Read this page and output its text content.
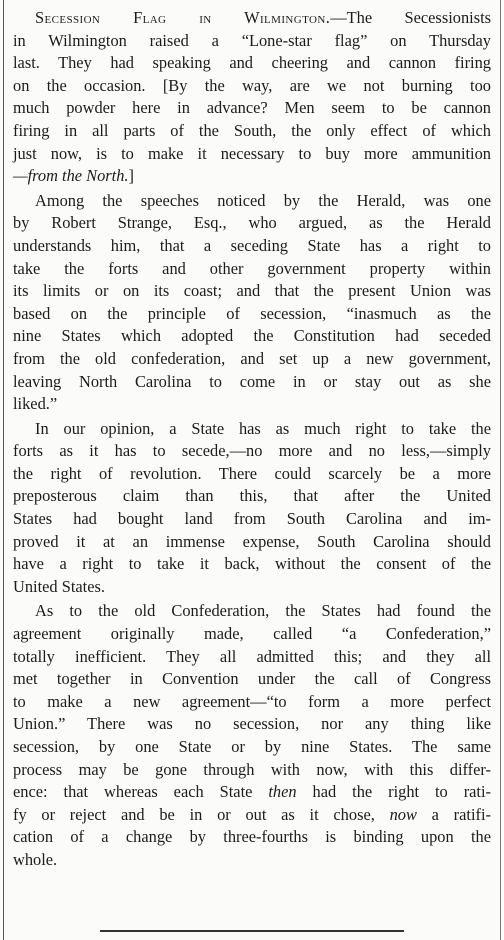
Secession Flag in Wilmington.—The Secessionists
in Wilmington raised a “Lone-star flag” on Thursday
last. They had speaking and cheering and cannon firing
on the occasion. [By the way, are we not burning too
much powder here in advance? Men seem to be cannon
firing in all parts of the South, the only effect of which
just now, is to make it necessary to buy more ammunition
—from the North.]
Among the speeches noticed by the Herald, was one
by Robert Strange, Esq., who argued, as the Herald
understands him, that a seceding State has a right to
take the forts and other government property within
its limits or on its coast; and that the present Union was
based on the principle of secession, “inasmuch as the
nine States which adopted the Constitution had seceded
from the old confederation, and set up a new government,
leaving North Carolina to come in or stay out as she
liked.”
In our opinion, a State has as much right to take the
forts as it has to secede,—no more and no less,—simply
the right of revolution. There could scarcely be a more
preposterous claim than this, that after the United
States had bought land from South Carolina and im-
proved it at an immense expense, South Carolina should
have a right to take it back, without the consent of the
United States.
As to the old Confederation, the States had found the
agreement originally made, called “a Confederation,”
totally inefficient. They all admitted this; and they all
met together in Convention under the call of Congress
to make a new agreement—“to form a more perfect
Union.” There was no secession, nor any thing like
secession, by one State or by nine States. The same
process may be gone through with now, with this differ-
ence: that whereas each State then had the right to rati-
fy or reject and be in or out as it chose, now a ratifi-
cation of a change by three-fourths is binding upon the
whole.
